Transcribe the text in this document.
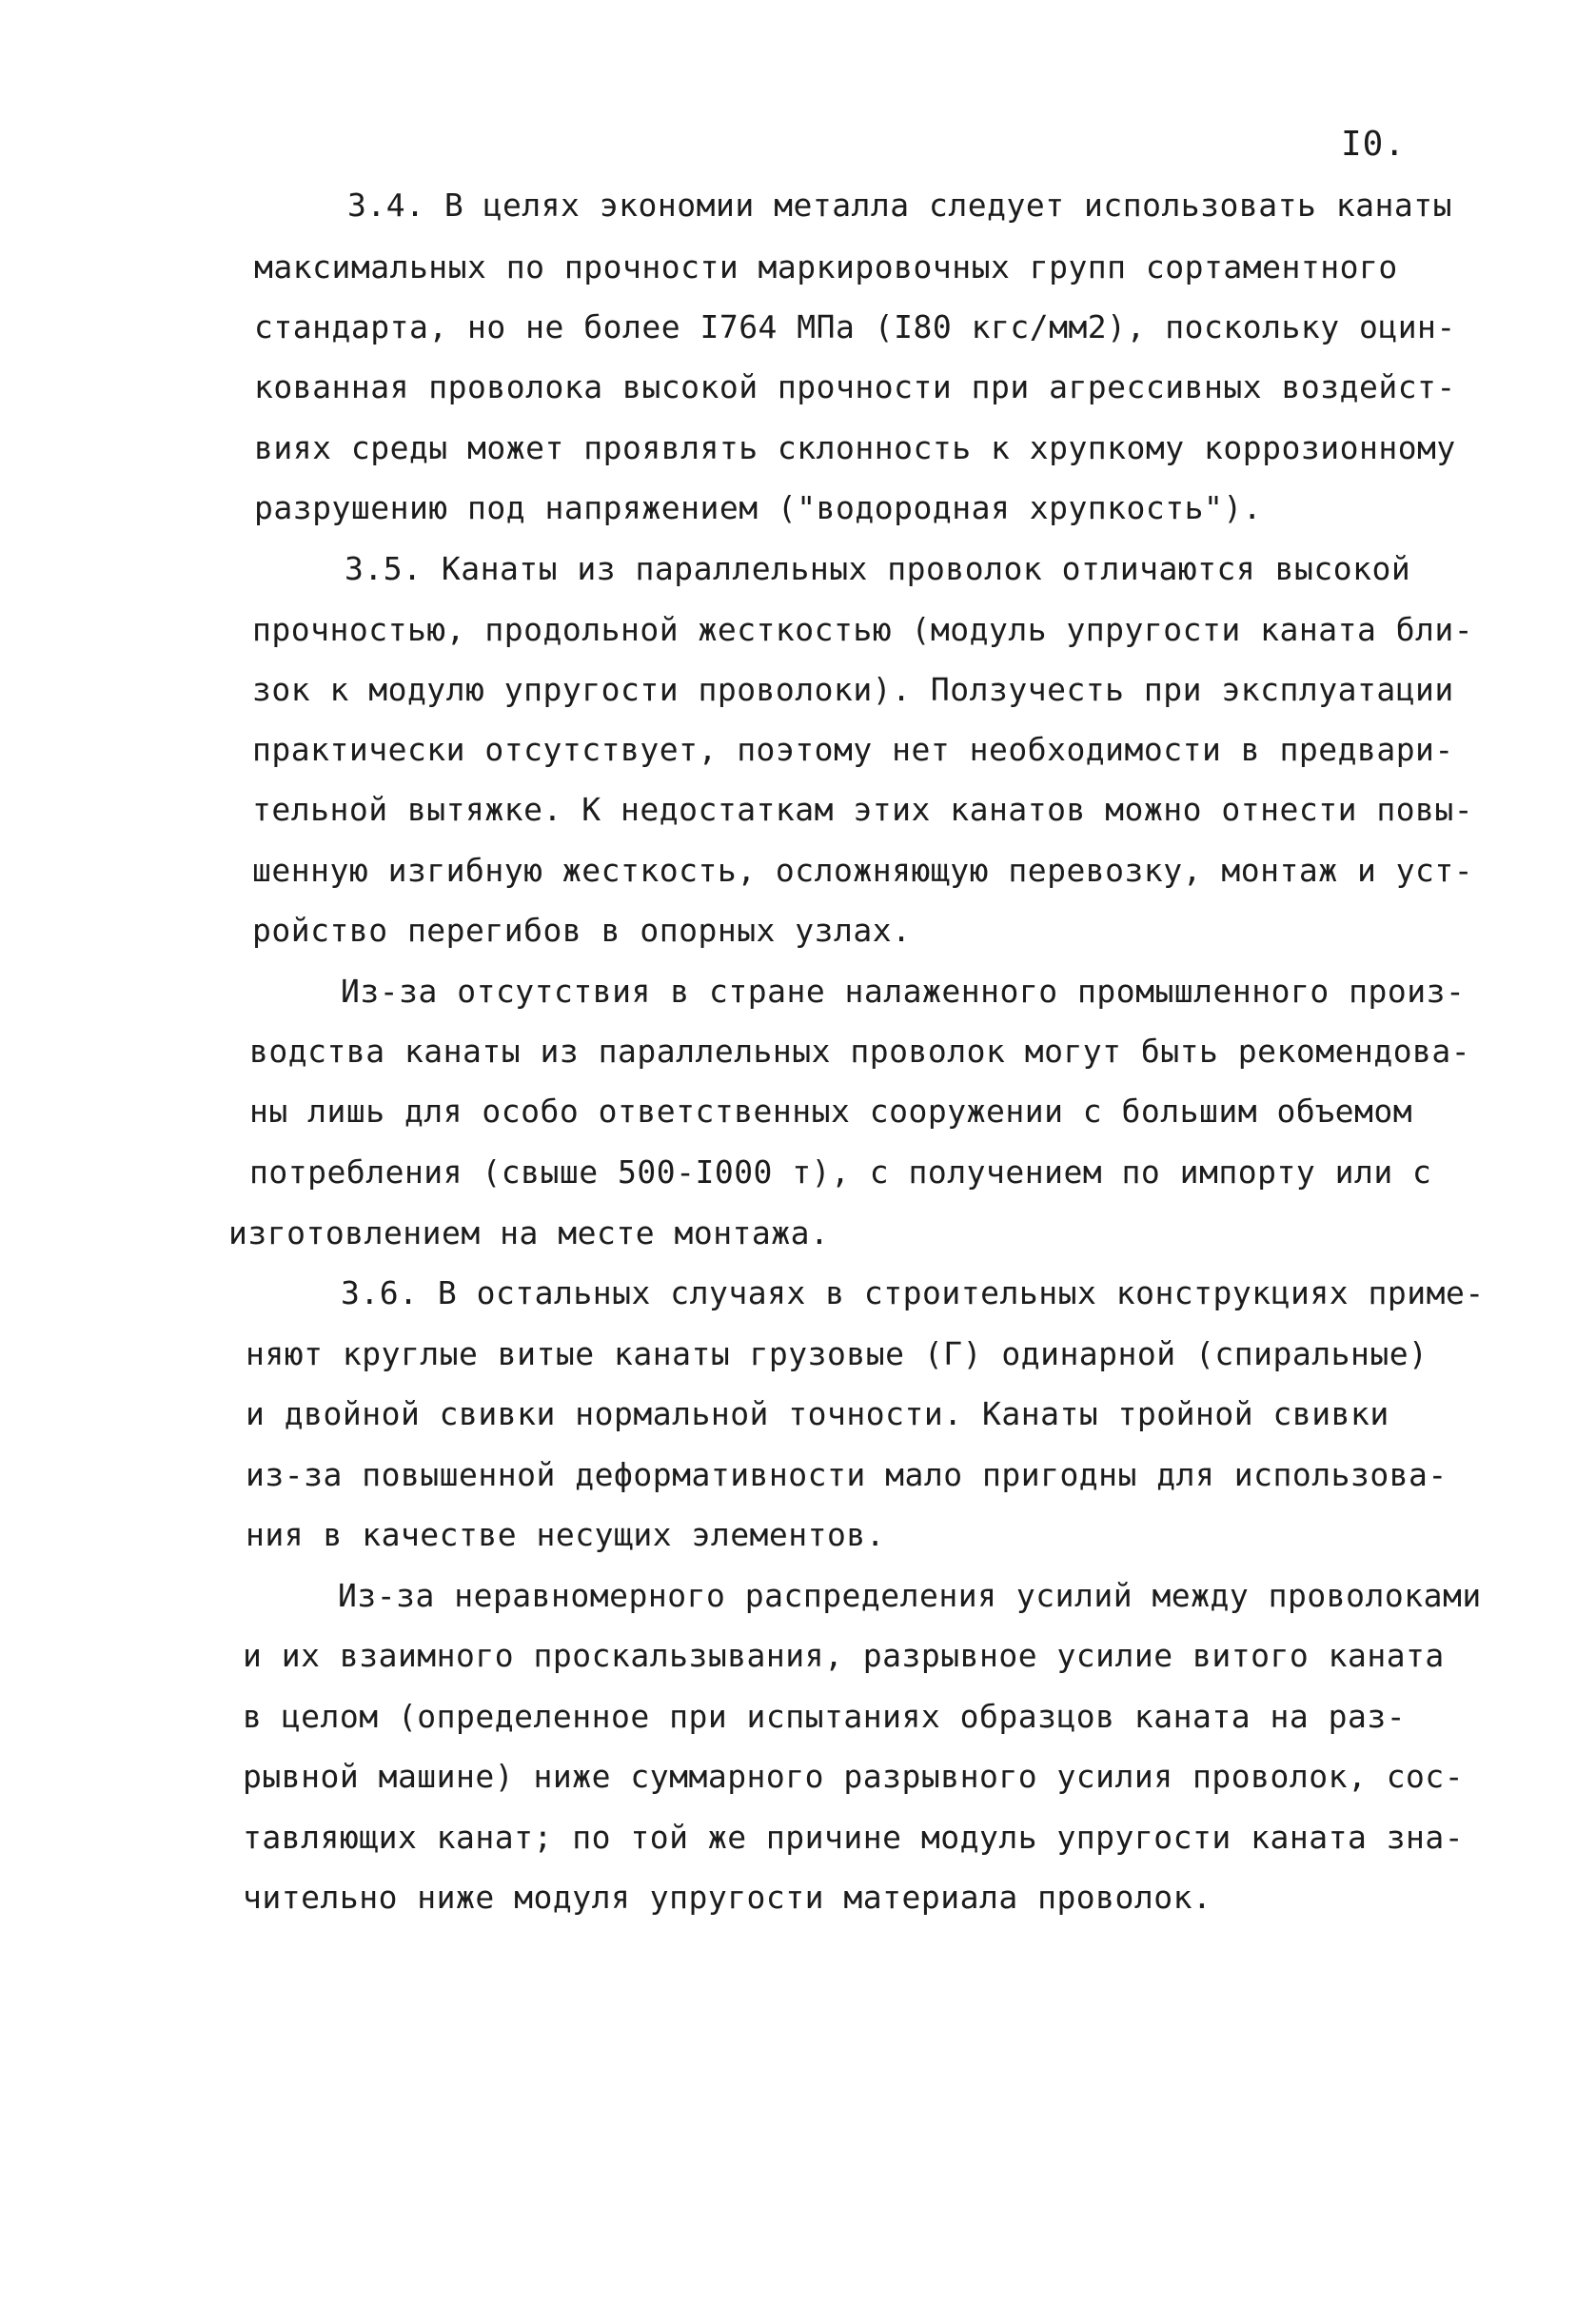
I0.
3.4. В целях экономии металла следует использовать канаты
максимальных по прочности маркировочных групп сортаментного
стандарта, но не более I764 МПа (I80 кгс/мм2), поскольку оцин-
кованная проволока высокой прочности при агрессивных воздейст-
виях среды может проявлять склонность к хрупкому коррозионному
разрушению под напряжением ("водородная хрупкость").
3.5. Канаты из параллельных проволок отличаются высокой
прочностью, продольной жесткостью (модуль упругости каната бли-
зок к модулю упругости проволоки). Ползучесть при эксплуатации
практически отсутствует, поэтому нет необходимости в предвари-
тельной вытяжке. К недостаткам этих канатов можно отнести повы-
шенную изгибную жесткость, осложняющую перевозку, монтаж и уст-
ройство перегибов в опорных узлах.
Из-за отсутствия в стране налаженного промышленного произ-
водства канаты из параллельных проволок могут быть рекомендова-
ны лишь для особо ответственных сооружении с большим объемом
потребления (свыше 500-I000 т), с получением по импорту или с
изготовлением на месте монтажа.
3.6. В остальных случаях в строительных конструкциях приме-
няют круглые витые канаты грузовые (Г) одинарной (спиральные)
и двойной свивки нормальной точности. Канаты тройной свивки
из-за повышенной деформативности мало пригодны для использова-
ния в качестве несущих элементов.
Из-за неравномерного распределения усилий между проволоками
и их взаимного проскальзывания, разрывное усилие витого каната
в целом (определенное при испытаниях образцов каната на раз-
рывной машине) ниже суммарного разрывного усилия проволок, сос-
тавляющих канат; по той же причине модуль упругости каната зна-
чительно ниже модуля упругости материала проволок.
